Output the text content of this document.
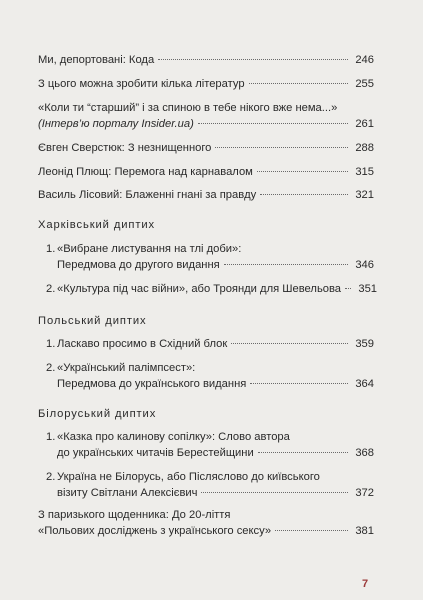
Ми, депортовані: Кода	246
З цього можна зробити кілька літератур	255
«Коли ти “старший” і за спиною в тебе нікого вже нема...»
(Інтерв’ю порталу Insider.ua)	261
Євген Сверстюк: З незнищенного	288
Леонід Плющ: Перемога над карнавалом	315
Василь Лісовий: Блаженні гнані за правду	321
Харківський диптих
1. «Вибране листування на тлі доби»:
Передмова до другого видання	346
2. «Культура під час війни», або Троянди для Шевельова 351
Польський диптих
1. Ласкаво просимо в Східний блок	359
2. «Український палімпсест»:
Передмова до українського видання	364
Білоруський диптих
1. «Казка про калинову сопілку»: Слово автора
до українських читачів Берестейщини	368
2. Україна не Білорусь, або Післяслово до київського
візиту Світлани Алексієвич	372
З паризького щоденника: До 20-ліття
«Польових досліджень з українського сексу»	381
7
